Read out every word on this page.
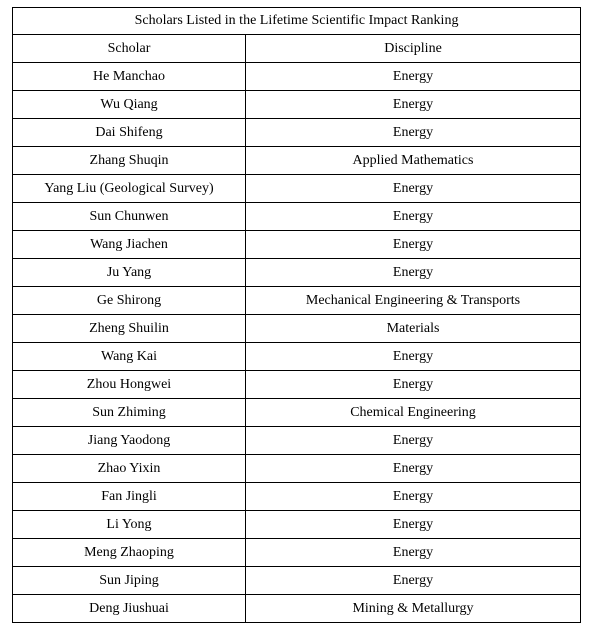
Scholars Listed in the Lifetime Scientific Impact Ranking	
Scholar	Discipline
He Manchao	Energy
Wu Qiang	Energy
Dai Shifeng	Energy
Zhang Shuqin	Applied Mathematics
Yang Liu (Geological Survey)	Energy
Sun Chunwen	Energy
Wang Jiachen	Energy
Ju Yang	Energy
Ge Shirong	Mechanical Engineering & Transports
Zheng Shuilin	Materials
Wang Kai	Energy
Zhou Hongwei	Energy
Sun Zhiming	Chemical Engineering
Jiang Yaodong	Energy
Zhao Yixin	Energy
Fan Jingli	Energy
Li Yong	Energy
Meng Zhaoping	Energy
Sun Jiping	Energy
Deng Jiushuai	Mining & Metallurgy
